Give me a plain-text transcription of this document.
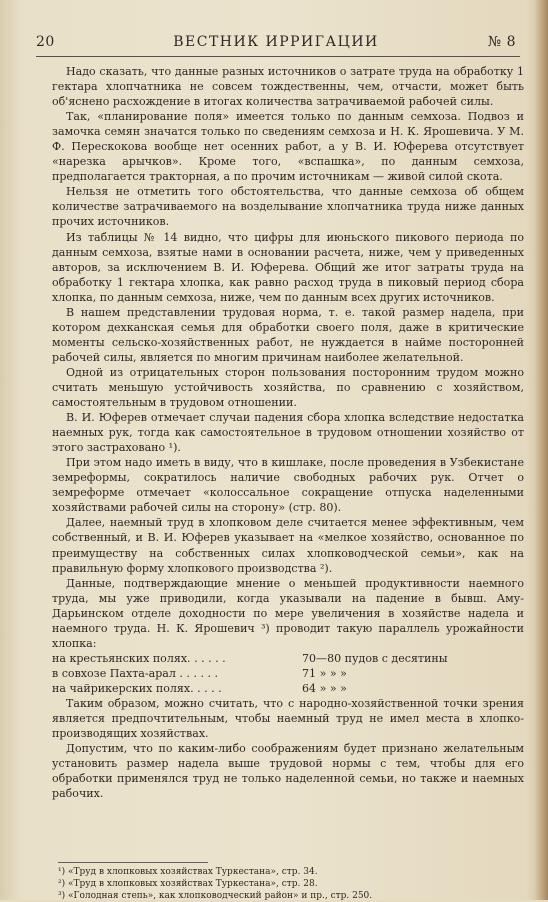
20	ВЕСТНИК ИРРИГАЦИИ	№ 8

Надо сказать, что данные разных источников о затрате труда на обработку 1 гектара хлопчатника не совсем тождественны, чем, отчасти, может быть об'яснено расхождение в итогах количества затрачиваемой рабочей силы.

Так, «планирование поля» имеется только по данным семхоза. Подвоз и замочка семян значатся только по сведениям семхоза и Н. К. Ярошевича. У М. Ф. Перескокова вообще нет осенних работ, а у В. И. Юферева отсутствует «нарезка арычков». Кроме того, «вспашка», по данным семхоза, предполагается тракторная, а по прочим источникам — живой силой скота.

Нельзя не отметить того обстоятельства, что данные семхоза об общем количестве затрачиваемого на возделывание хлопчатника труда ниже данных прочих источников.

Из таблицы № 14 видно, что цифры для июньского пикового периода по данным семхоза, взятые нами в основании расчета, ниже, чем у приведенных авторов, за исключением В. И. Юферева. Общий же итог затраты труда на обработку 1 гектара хлопка, как равно расход труда в пиковый период сбора хлопка, по данным семхоза, ниже, чем по данным всех других источников.

В нашем представлении трудовая норма, т. е. такой размер надела, при котором дехканская семья для обработки своего поля, даже в критические моменты сельско-хозяйственных работ, не нуждается в найме посторонней рабочей силы, является по многим причинам наиболее желательной.

Одной из отрицательных сторон пользования посторонним трудом можно считать меньшую устойчивость хозяйства, по сравнению с хозяйством, самостоятельным в трудовом отношении.

В. И. Юферев отмечает случаи падения сбора хлопка вследствие недостатка наемных рук, тогда как самостоятельное в трудовом отношении хозяйство от этого застраховано ¹).

При этом надо иметь в виду, что в кишлаке, после проведения в Узбекистане земреформы, сократилось наличие свободных рабочих рук. Отчет о земреформе отмечает «колоссальное сокращение отпуска наделенными хозяйствами рабочей силы на сторону» (стр. 80).

Далее, наемный труд в хлопковом деле считается менее эффективным, чем собственный, и В. И. Юферев указывает на «мелкое хозяйство, основанное по преимуществу на собственных силах хлопководческой семьи», как на правильную форму хлопкового производства ²).

Данные, подтверждающие мнение о меньшей продуктивности наемного труда, мы уже приводили, когда указывали на падение в бывш. Аму-Дарьинском отделе доходности по мере увеличения в хозяйстве надела и наемного труда. Н. К. Ярошевич ³) проводит такую параллель урожайности хлопка:

на крестьянских полях. . . . . .	70—80 пудов с десятины
в совхозе Пахта-арал . . . . . .	71 » » »
на чайрикерских полях. . . . .	64 » » »

Таким образом, можно считать, что с народно-хозяйственной точки зрения является предпочтительным, чтобы наемный труд не имел места в хлопко-производящих хозяйствах.

Допустим, что по каким-либо соображениям будет признано желательным установить размер надела выше трудовой нормы с тем, чтобы для его обработки применялся труд не только наделенной семьи, но также и наемных рабочих.

¹) «Труд в хлопковых хозяйствах Туркестана», стр. 34.
²) «Труд в хлопковых хозяйствах Туркестана», стр. 28.
³) «Голодная степь», как хлопководческий район» и пр., стр. 250.
